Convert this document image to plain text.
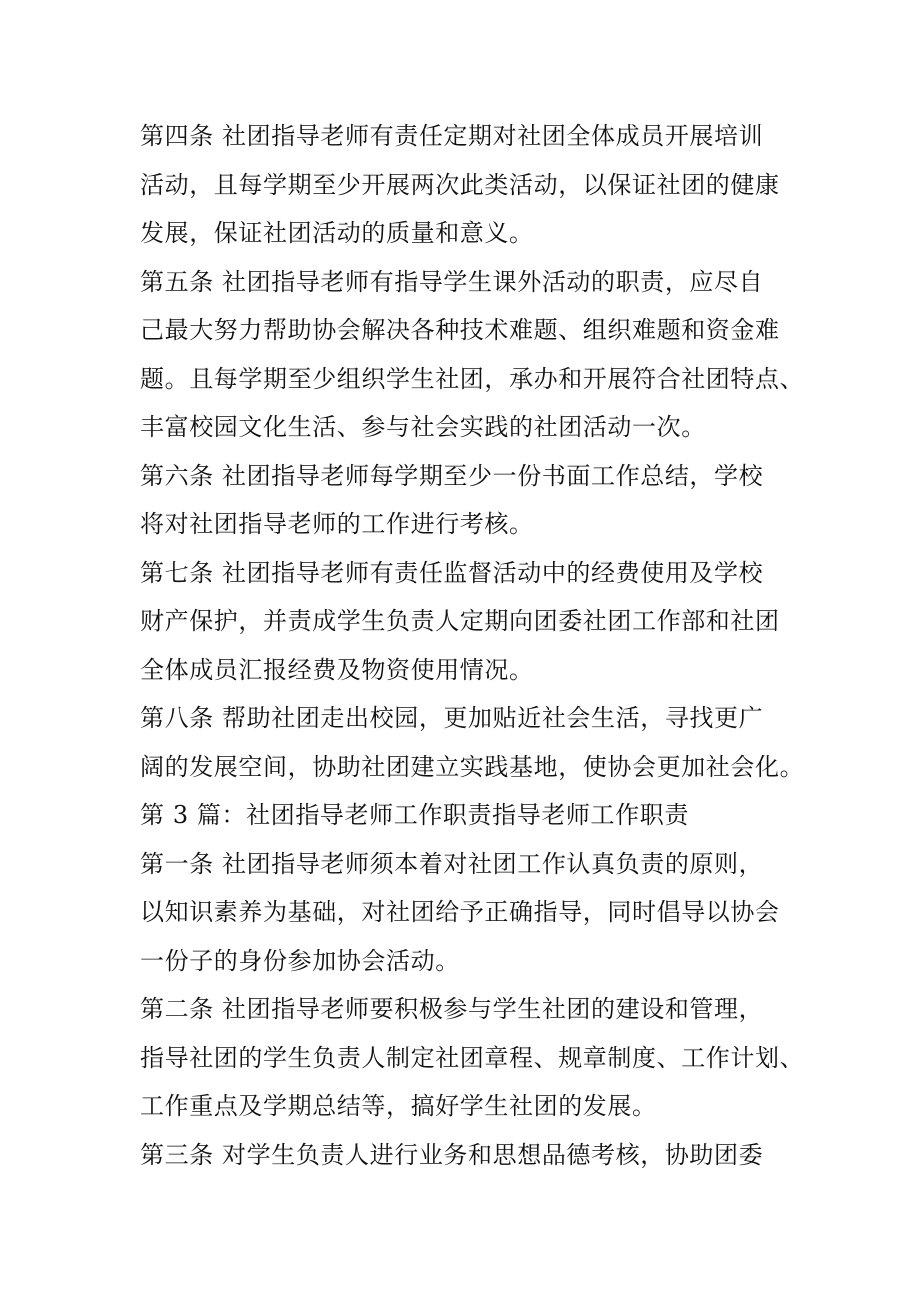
第四条 社团指导老师有责任定期对社团全体成员开展培训
活动，且每学期至少开展两次此类活动，以保证社团的健康
发展，保证社团活动的质量和意义。
第五条 社团指导老师有指导学生课外活动的职责，应尽自
己最大努力帮助协会解决各种技术难题、组织难题和资金难
题。且每学期至少组织学生社团，承办和开展符合社团特点、
丰富校园文化生活、参与社会实践的社团活动一次。
第六条 社团指导老师每学期至少一份书面工作总结，学校
将对社团指导老师的工作进行考核。
第七条 社团指导老师有责任监督活动中的经费使用及学校
财产保护，并责成学生负责人定期向团委社团工作部和社团
全体成员汇报经费及物资使用情况。
第八条 帮助社团走出校园，更加贴近社会生活，寻找更广
阔的发展空间，协助社团建立实践基地，使协会更加社会化。
第 3 篇：社团指导老师工作职责指导老师工作职责
第一条 社团指导老师须本着对社团工作认真负责的原则，
以知识素养为基础，对社团给予正确指导，同时倡导以协会
一份子的身份参加协会活动。
第二条 社团指导老师要积极参与学生社团的建设和管理，
指导社团的学生负责人制定社团章程、规章制度、工作计划、
工作重点及学期总结等，搞好学生社团的发展。
第三条 对学生负责人进行业务和思想品德考核，协助团委
